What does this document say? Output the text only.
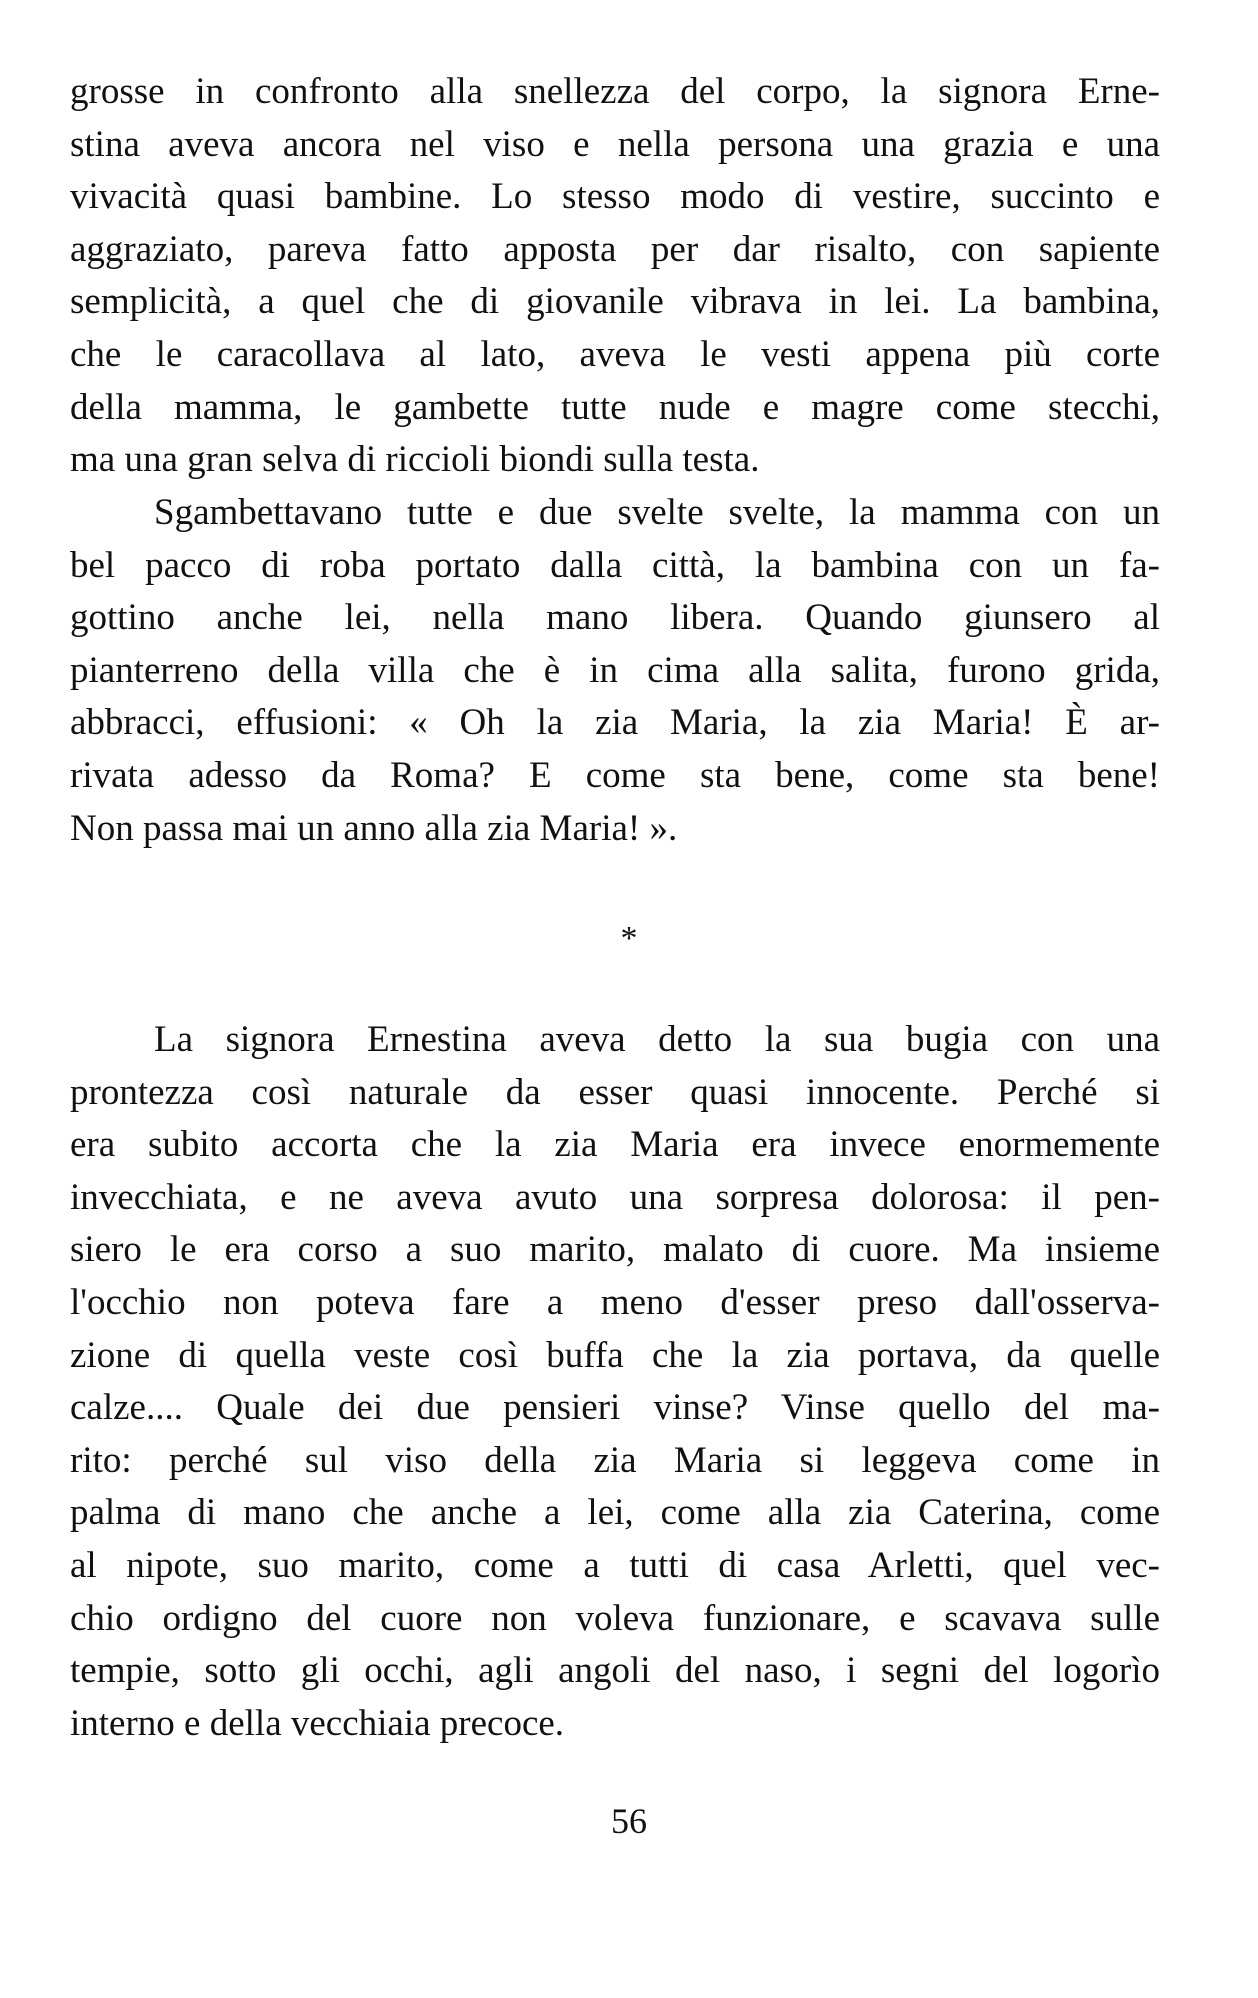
grosse in confronto alla snellezza del corpo, la signora Erne-
stina aveva ancora nel viso e nella persona una grazia e una
vivacità quasi bambine. Lo stesso modo di vestire, succinto e
aggraziato, pareva fatto apposta per dar risalto, con sapiente
semplicità, a quel che di giovanile vibrava in lei. La bambina,
che le caracollava al lato, aveva le vesti appena più corte
della mamma, le gambette tutte nude e magre come stecchi,
ma una gran selva di riccioli biondi sulla testa.
Sgambettavano tutte e due svelte svelte, la mamma con un
bel pacco di roba portato dalla città, la bambina con un fa-
gottino anche lei, nella mano libera. Quando giunsero al
pianterreno della villa che è in cima alla salita, furono grida,
abbracci, effusioni: « Oh la zia Maria, la zia Maria! È ar-
rivata adesso da Roma? E come sta bene, come sta bene!
Non passa mai un anno alla zia Maria! ».
*
La signora Ernestina aveva detto la sua bugia con una
prontezza così naturale da esser quasi innocente. Perché si
era subito accorta che la zia Maria era invece enormemente
invecchiata, e ne aveva avuto una sorpresa dolorosa: il pen-
siero le era corso a suo marito, malato di cuore. Ma insieme
l'occhio non poteva fare a meno d'esser preso dall'osserva-
zione di quella veste così buffa che la zia portava, da quelle
calze.... Quale dei due pensieri vinse? Vinse quello del ma-
rito: perché sul viso della zia Maria si leggeva come in
palma di mano che anche a lei, come alla zia Caterina, come
al nipote, suo marito, come a tutti di casa Arletti, quel vec-
chio ordigno del cuore non voleva funzionare, e scavava sulle
tempie, sotto gli occhi, agli angoli del naso, i segni del logorìo
interno e della vecchiaia precoce.
56
